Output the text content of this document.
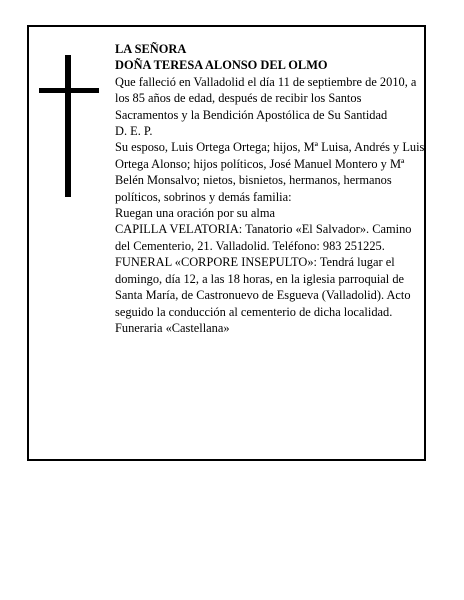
LA SEÑORA

DOÑA TERESA ALONSO DEL OLMO

Que falleció en Valladolid el día 11 de septiembre de 2010, a los 85 años de edad, después de recibir los Santos Sacramentos y la Bendición Apostólica de Su Santidad

D. E. P.

Su esposo, Luis Ortega Ortega; hijos, Mª Luisa, Andrés y Luis Ortega Alonso; hijos políticos, José Manuel Montero y Mª Belén Monsalvo; nietos, bisnietos, hermanos, hermanos políticos, sobrinos y demás familia:

Ruegan una oración por su alma

CAPILLA VELATORIA: Tanatorio «El Salvador». Camino del Cementerio, 21. Valladolid. Teléfono: 983 251225.

FUNERAL «CORPORE INSEPULTO»: Tendrá lugar el domingo, día 12, a las 18 horas, en la iglesia parroquial de Santa María, de Castronuevo de Esgueva (Valladolid). Acto seguido la conducción al cementerio de dicha localidad.

Funeraria «Castellana»
